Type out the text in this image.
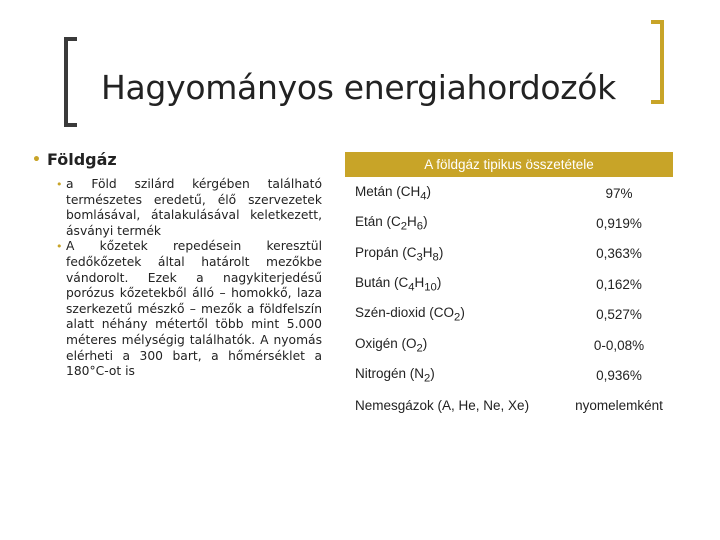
Hagyományos energiahordozók
• Földgáz
• a Föld szilárd kérgében található természetes eredetű, élő szervezetek bomlásával, átalakulásával keletkezett, ásványi termék
• A kőzetek repedésein keresztül fedőkőzetek által határolt mezőkbe vándorolt. Ezek a nagykiterjedésű porózus kőzetekből álló – homokkő, laza szerkezetű mészkő – mezők a földfelszín alatt néhány métertől több mint 5.000 méteres mélységig találhatók. A nyomás elérheti a 300 bart, a hőmérséklet a 180°C-ot is
A földgáz tipikus összetétele
Metán $(CH_4)$	97%
Etán $(C_2H_6)$	0,919%
Propán $(C_3H_8)$	0,363%
Bután $(C_4H_{10})$	0,162%
Szén-dioxid $(CO_2)$	0,527%
Oxigén $(O_2)$	0-0,08%
Nitrogén $(N_2)$	0,936%
Nemesgázok (A, He, Ne, Xe)	nyomelemként
